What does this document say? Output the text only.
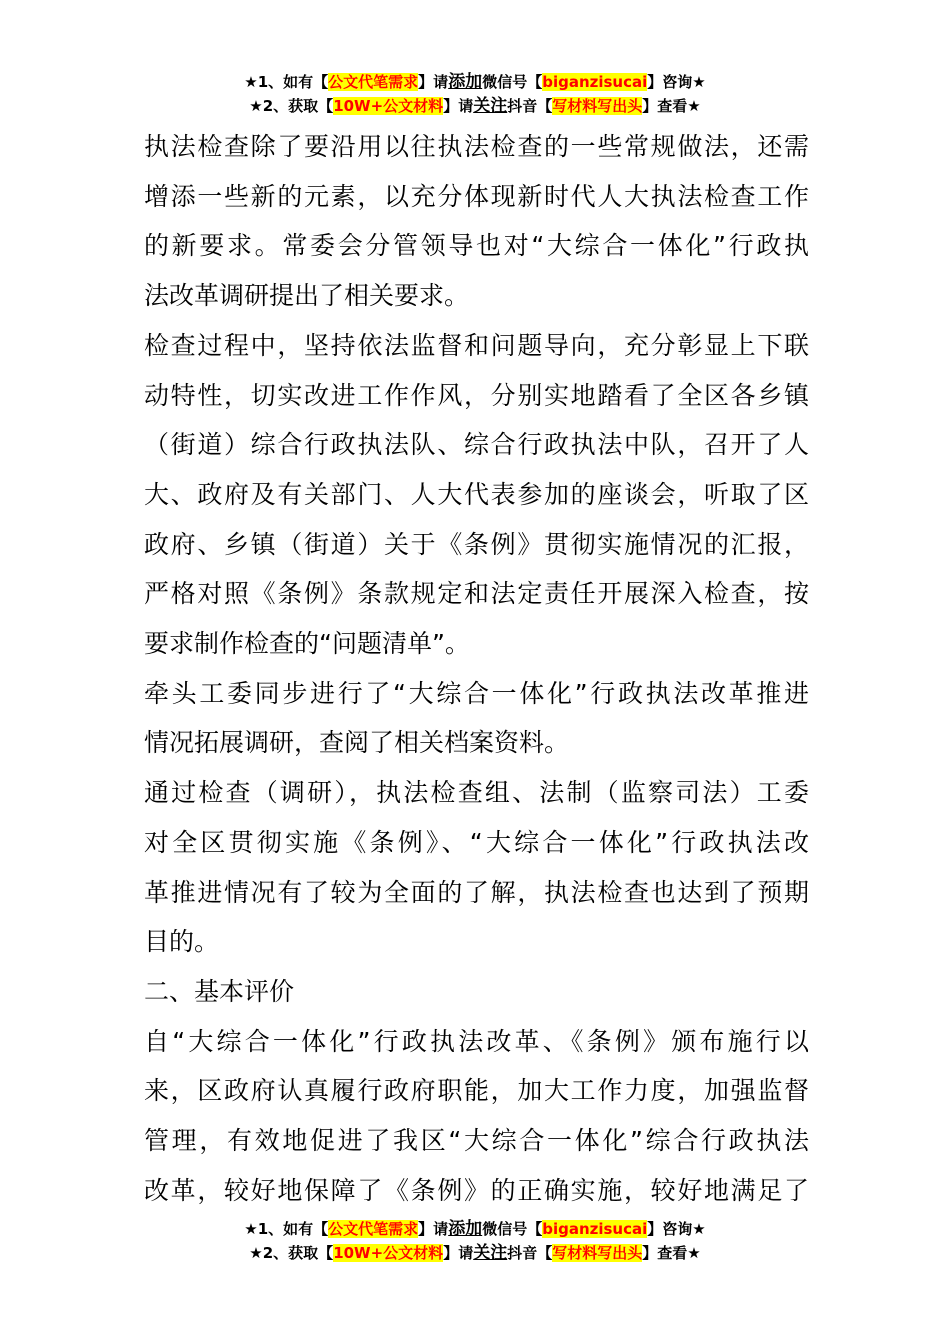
★1、如有【公文代笔需求】请添加微信号【biganzisucai】咨询★
★2、获取【10W+公文材料】请关注抖音【写材料写出头】查看★

执法检查除了要沿用以往执法检查的一些常规做法，还需
增添一些新的元素，以充分体现新时代人大执法检查工作
的新要求。常委会分管领导也对“大综合一体化”行政执
法改革调研提出了相关要求。

检查过程中，坚持依法监督和问题导向，充分彰显上下联
动特性，切实改进工作作风，分别实地踏看了全区各乡镇
（街道）综合行政执法队、综合行政执法中队，召开了人
大、政府及有关部门、人大代表参加的座谈会，听取了区
政府、乡镇（街道）关于《条例》贯彻实施情况的汇报，
严格对照《条例》条款规定和法定责任开展深入检查，按
要求制作检查的“问题清单”。

牵头工委同步进行了“大综合一体化”行政执法改革推进
情况拓展调研，查阅了相关档案资料。

通过检查（调研），执法检查组、法制（监察司法）工委
对全区贯彻实施《条例》、“大综合一体化”行政执法改
革推进情况有了较为全面的了解，执法检查也达到了预期
目的。

二、基本评价

自“大综合一体化”行政执法改革、《条例》颁布施行以
来，区政府认真履行政府职能，加大工作力度，加强监督
管理，有效地促进了我区“大综合一体化”综合行政执法
改革，较好地保障了《条例》的正确实施，较好地满足了

★1、如有【公文代笔需求】请添加微信号【biganzisucai】咨询★
★2、获取【10W+公文材料】请关注抖音【写材料写出头】查看★
